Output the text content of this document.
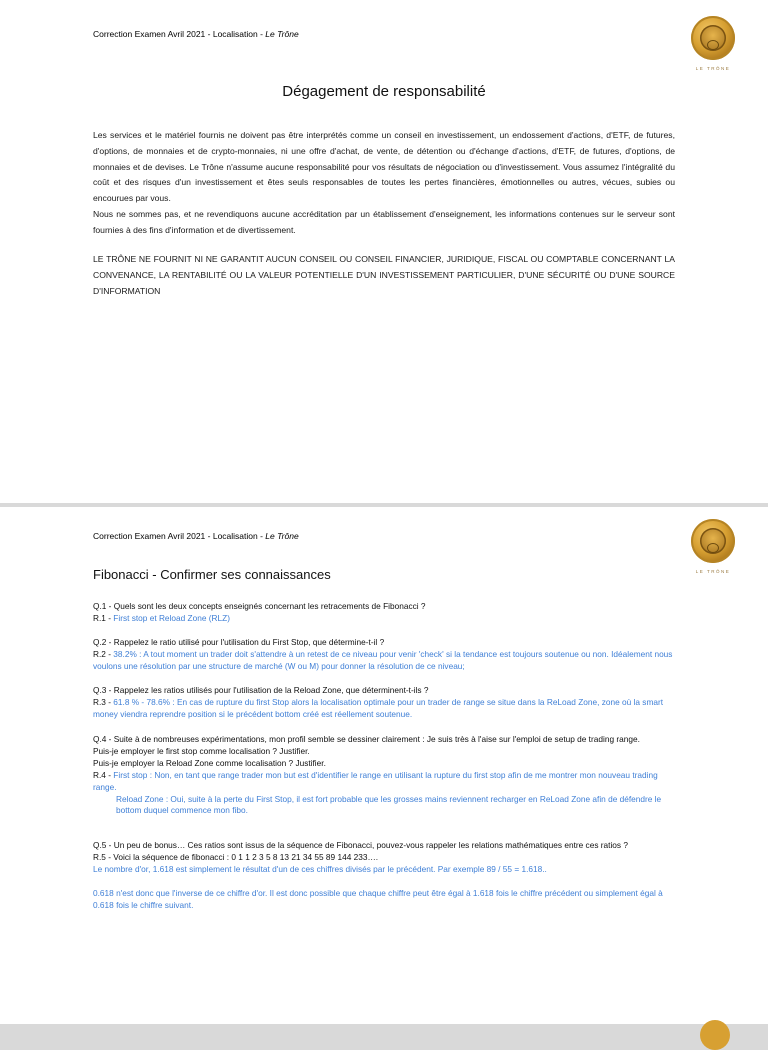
Correction Examen Avril 2021 - Localisation - Le Trône
LE TRÔNE
Dégagement de responsabilité
Les services et le matériel fournis ne doivent pas être interprétés comme un conseil en investissement, un endossement d'actions, d'ETF, de futures, d'options, de monnaies et de crypto-monnaies, ni une offre d'achat, de vente, de détention ou d'échange d'actions, d'ETF, de futures, d'options, de monnaies et de devises. Le Trône n'assume aucune responsabilité pour vos résultats de négociation ou d'investissement. Vous assumez l'intégralité du coût et des risques d'un investissement et êtes seuls responsables de toutes les pertes financières, émotionnelles ou autres, vécues, subies ou encourues par vous.
Nous ne sommes pas, et ne revendiquons aucune accréditation par un établissement d'enseignement, les informations contenues sur le serveur sont fournies à des fins d'information et de divertissement.
LE TRÔNE NE FOURNIT NI NE GARANTIT AUCUN CONSEIL OU CONSEIL FINANCIER, JURIDIQUE, FISCAL OU COMPTABLE CONCERNANT LA CONVENANCE, LA RENTABILITÉ OU LA VALEUR POTENTIELLE D'UN INVESTISSEMENT PARTICULIER, D'UNE SÉCURITÉ OU D'UNE SOURCE D'INFORMATION
Correction Examen Avril 2021 - Localisation - Le Trône
LE TRÔNE
Fibonacci - Confirmer ses connaissances
Q.1 - Quels sont les deux concepts enseignés concernant les retracements de Fibonacci ?
R.1 - First stop et Reload Zone (RLZ)
Q.2 - Rappelez le ratio utilisé pour l'utilisation du First Stop, que détermine-t-il ?
R.2 - 38.2% : A tout moment un trader doit s'attendre à un retest de ce niveau pour venir 'check' si la tendance est toujours soutenue ou non. Idéalement nous voulons une résolution par une structure de marché (W ou M) pour donner la résolution de ce niveau;
Q.3 - Rappelez les ratios utilisés pour l'utilisation de la Reload Zone, que déterminent-t-ils ?
R.3 - 61.8 % - 78.6% : En cas de rupture du first Stop alors la localisation optimale pour un trader de range se situe dans la ReLoad Zone, zone où la smart money viendra reprendre position si le précédent bottom créé est réellement soutenue.
Q.4 - Suite à de nombreuses expérimentations, mon profil semble se dessiner clairement : Je suis très à l'aise sur l'emploi de setup de trading range.
Puis-je employer le first stop comme localisation ? Justifier.
Puis-je employer la Reload Zone comme localisation ? Justifier.
R.4 - First stop : Non, en tant que range trader mon but est d'identifier le range en utilisant la rupture du first stop afin de me montrer mon nouveau trading range.
Reload Zone : Oui, suite à la perte du First Stop, il est fort probable que les grosses mains reviennent recharger en ReLoad Zone afin de défendre le bottom duquel commence mon fibo.
Q.5 - Un peu de bonus… Ces ratios sont issus de la séquence de Fibonacci, pouvez-vous rappeler les relations mathématiques entre ces ratios ?
R.5 - Voici la séquence de fibonacci : 0 1 1 2 3 5 8 13 21 34 55 89 144 233….
Le nombre d'or, 1.618 est simplement le résultat d'un de ces chiffres divisés par le précédent. Par exemple 89 / 55 = 1.618..
0.618 n'est donc que l'inverse de ce chiffre d'or. Il est donc possible que chaque chiffre peut être égal à 1.618 fois le chiffre précédent ou simplement égal à 0.618 fois le chiffre suivant.
